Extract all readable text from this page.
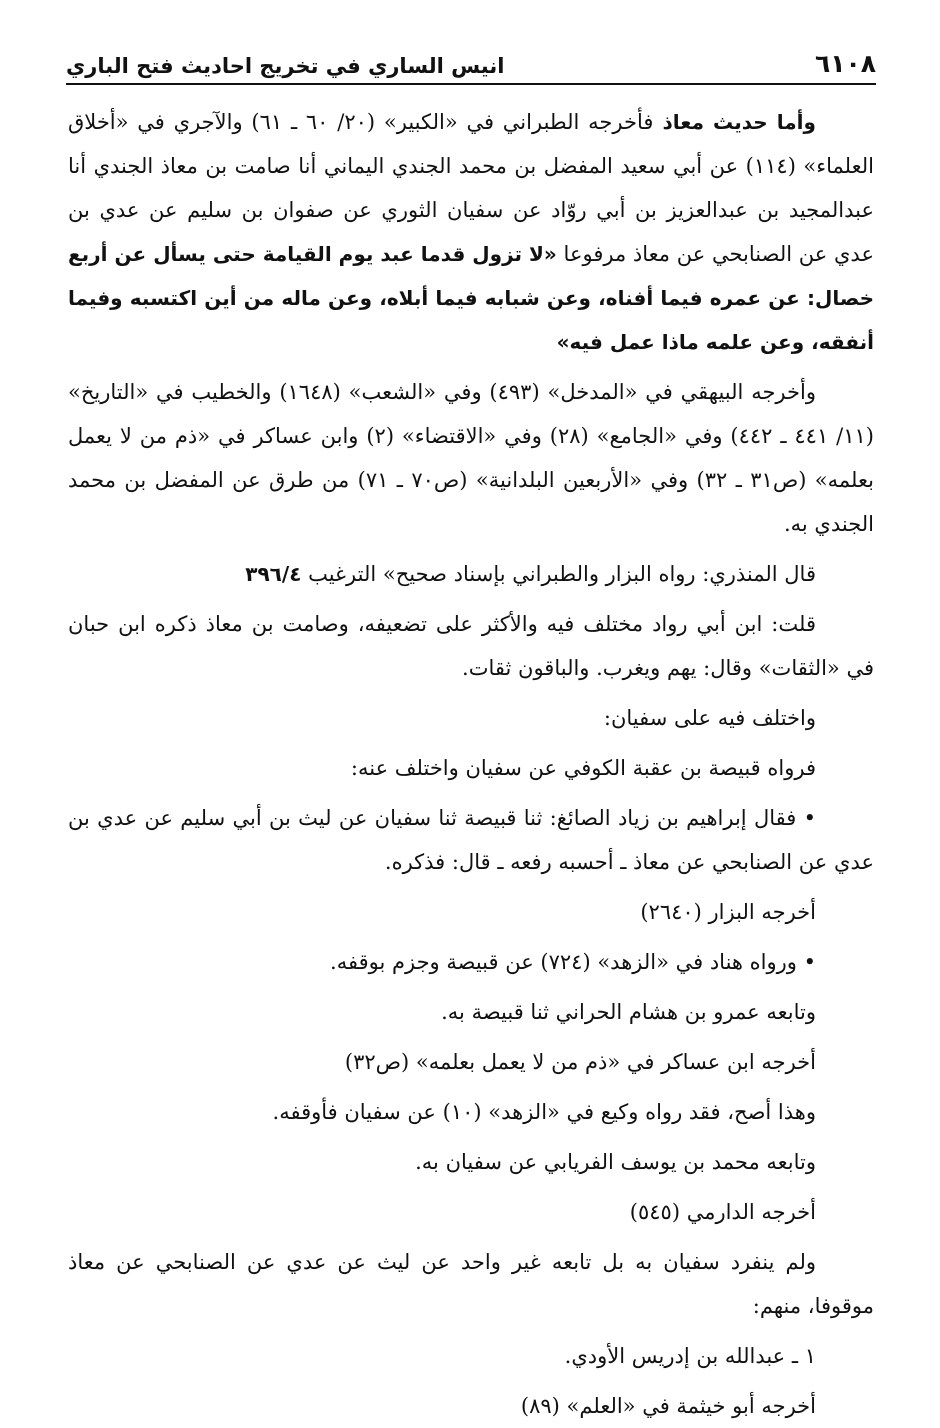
٦١٠٨
انيس الساري في تخريج احاديث فتح الباري

وأما حديث معاذ فأخرجه الطبراني في «الكبير» (٢٠/ ٦٠ ـ ٦١) والآجري في «أخلاق العلماء» (١١٤) عن أبي سعيد المفضل بن محمد الجندي اليماني أنا صامت بن معاذ الجندي أنا عبدالمجيد بن عبدالعزيز بن أبي روّاد عن سفيان الثوري عن صفوان بن سليم عن عدي بن عدي عن الصنابحي عن معاذ مرفوعا «لا تزول قدما عبد يوم القيامة حتى يسأل عن أربع خصال: عن عمره فيما أفناه، وعن شبابه فيما أبلاه، وعن ماله من أين اكتسبه وفيما أنفقه، وعن علمه ماذا عمل فيه»

وأخرجه البيهقي في «المدخل» (٤٩٣) وفي «الشعب» (١٦٤٨) والخطيب في «التاريخ» (١١/ ٤٤١ ـ ٤٤٢) وفي «الجامع» (٢٨) وفي «الاقتضاء» (٢) وابن عساكر في «ذم من لا يعمل بعلمه» (ص٣١ ـ ٣٢) وفي «الأربعين البلدانية» (ص٧٠ ـ ٧١) من طرق عن المفضل بن محمد الجندي به.

قال المنذري: رواه البزار والطبراني بإسناد صحيح» الترغيب ٣٩٦/٤

قلت: ابن أبي رواد مختلف فيه والأكثر على تضعيفه، وصامت بن معاذ ذكره ابن حبان في «الثقات» وقال: يهم ويغرب. والباقون ثقات.

واختلف فيه على سفيان:

فرواه قبيصة بن عقبة الكوفي عن سفيان واختلف عنه:

• فقال إبراهيم بن زياد الصائغ: ثنا قبيصة ثنا سفيان عن ليث بن أبي سليم عن عدي بن عدي عن الصنابحي عن معاذ ـ أحسبه رفعه ـ قال: فذكره.

أخرجه البزار (٢٦٤٠)

• ورواه هناد في «الزهد» (٧٢٤) عن قبيصة وجزم بوقفه.

وتابعه عمرو بن هشام الحراني ثنا قبيصة به.

أخرجه ابن عساكر في «ذم من لا يعمل بعلمه» (ص٣٢)

وهذا أصح، فقد رواه وكيع في «الزهد» (١٠) عن سفيان فأوقفه.

وتابعه محمد بن يوسف الفريابي عن سفيان به.

أخرجه الدارمي (٥٤٥)

ولم ينفرد سفيان به بل تابعه غير واحد عن ليث عن عدي عن الصنابحي عن معاذ موقوفا، منهم:

١ ـ عبدالله بن إدريس الأودي.

أخرجه أبو خيثمة في «العلم» (٨٩)
